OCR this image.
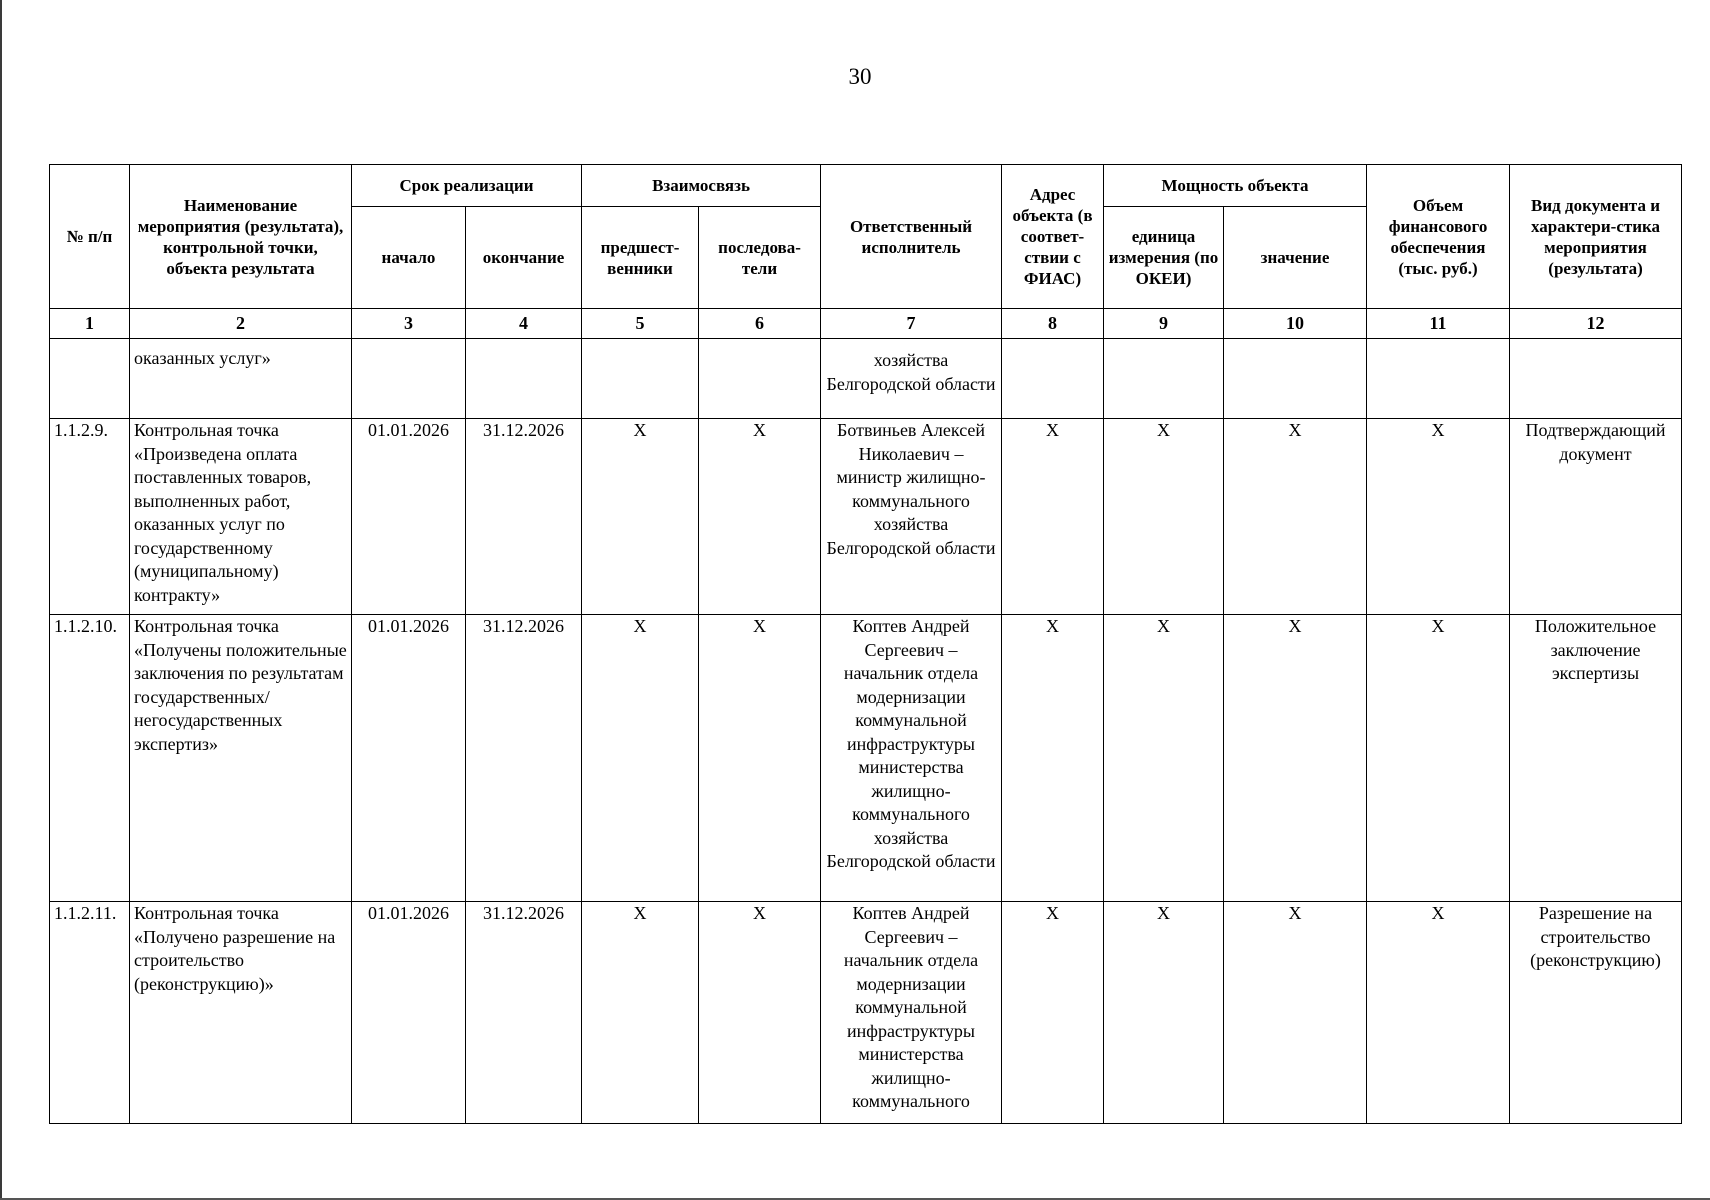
30
№ п/п	Наименование мероприятия (результата), контрольной точки, объекта результата	Срок реализации		Взаимосвязь		Ответственный исполнитель	Адрес объекта (в соответ-ствии с ФИАС)	Мощность объекта		Объем финансового обеспечения (тыс. руб.)	Вид документа и характери-стика мероприятия (результата)
		начало	окончание	предшест-венники	последова-тели			единица измерения (по ОКЕИ)	значение		
1	2	3	4	5	6	7	8	9	10	11	12
	оказанных услуг»					хозяйства Белгородской области					
1.1.2.9.	Контрольная точка «Произведена оплата поставленных товаров, выполненных работ, оказанных услуг по государственному (муниципальному) контракту»	01.01.2026	31.12.2026	Х	Х	Ботвиньев Алексей Николаевич – министр жилищно-коммунального хозяйства Белгородской области	Х	Х	Х	Х	Подтверждающий документ
1.1.2.10.	Контрольная точка «Получены положительные заключения по результатам государственных/ негосударственных экспертиз»	01.01.2026	31.12.2026	Х	Х	Коптев Андрей Сергеевич – начальник отдела модернизации коммунальной инфраструктуры министерства жилищно-коммунального хозяйства Белгородской области	Х	Х	Х	Х	Положительное заключение экспертизы
1.1.2.11.	Контрольная точка «Получено разрешение на строительство (реконструкцию)»	01.01.2026	31.12.2026	Х	Х	Коптев Андрей Сергеевич – начальник отдела модернизации коммунальной инфраструктуры министерства жилищно-коммунального	Х	Х	Х	Х	Разрешение на строительство (реконструкцию)
